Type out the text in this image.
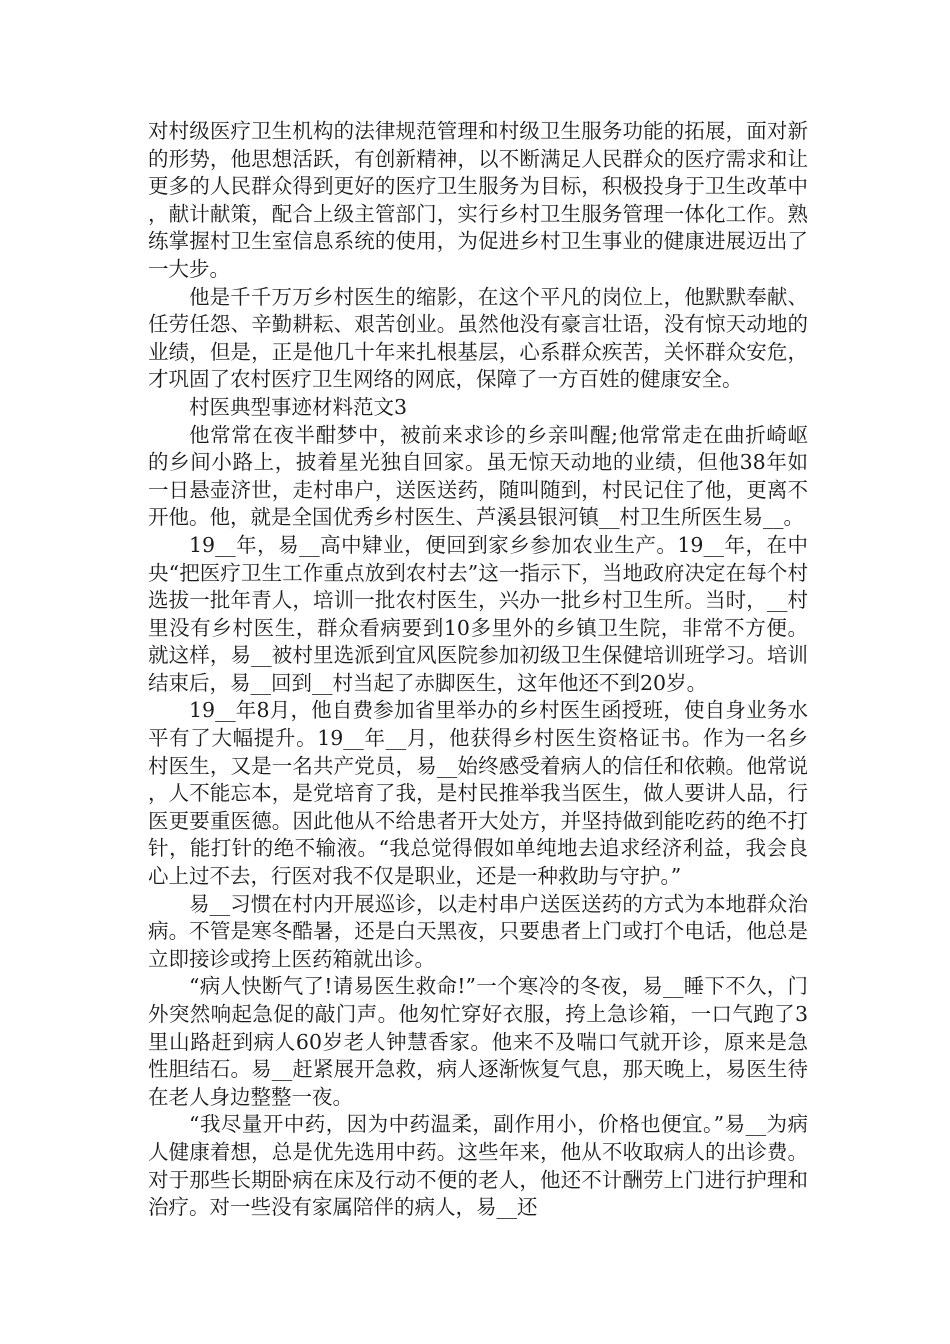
对村级医疗卫生机构的法律规范管理和村级卫生服务功能的拓展，面对新的形势，他思想活跃，有创新精神，以不断满足人民群众的医疗需求和让更多的人民群众得到更好的医疗卫生服务为目标，积极投身于卫生改革中，献计献策，配合上级主管部门，实行乡村卫生服务管理一体化工作。熟练掌握村卫生室信息系统的使用，为促进乡村卫生事业的健康进展迈出了一大步。

他是千千万万乡村医生的缩影，在这个平凡的岗位上，他默默奉献、任劳任怨、辛勤耕耘、艰苦创业。虽然他没有豪言壮语，没有惊天动地的业绩，但是，正是他几十年来扎根基层，心系群众疾苦，关怀群众安危，才巩固了农村医疗卫生网络的网底，保障了一方百姓的健康安全。

村医典型事迹材料范文3

他常常在夜半酣梦中，被前来求诊的乡亲叫醒;他常常走在曲折崎岖的乡间小路上，披着星光独自回家。虽无惊天动地的业绩，但他38年如一日悬壶济世，走村串户，送医送药，随叫随到，村民记住了他，更离不开他。他，就是全国优秀乡村医生、芦溪县银河镇__村卫生所医生易__。

19__年，易__高中肄业，便回到家乡参加农业生产。19__年，在中央“把医疗卫生工作重点放到农村去”这一指示下，当地政府决定在每个村选拔一批年青人，培训一批农村医生，兴办一批乡村卫生所。当时，__村里没有乡村医生，群众看病要到10多里外的乡镇卫生院，非常不方便。就这样，易__被村里选派到宜风医院参加初级卫生保健培训班学习。培训结束后，易__回到__村当起了赤脚医生，这年他还不到20岁。

19__年8月，他自费参加省里举办的乡村医生函授班，使自身业务水平有了大幅提升。19__年__月，他获得乡村医生资格证书。作为一名乡村医生，又是一名共产党员，易__始终感受着病人的信任和依赖。他常说，人不能忘本，是党培育了我，是村民推举我当医生，做人要讲人品，行医更要重医德。因此他从不给患者开大处方，并坚持做到能吃药的绝不打针，能打针的绝不输液。“我总觉得假如单纯地去追求经济利益，我会良心上过不去，行医对我不仅是职业，还是一种救助与守护。”

易__习惯在村内开展巡诊，以走村串户送医送药的方式为本地群众治病。不管是寒冬酷暑，还是白天黑夜，只要患者上门或打个电话，他总是立即接诊或挎上医药箱就出诊。

“病人快断气了!请易医生救命!”一个寒冷的冬夜，易__睡下不久，门外突然响起急促的敲门声。他匆忙穿好衣服，挎上急诊箱，一口气跑了3里山路赶到病人60岁老人钟慧香家。他来不及喘口气就开诊，原来是急性胆结石。易__赶紧展开急救，病人逐渐恢复气息，那天晚上，易医生待在老人身边整整一夜。

“我尽量开中药，因为中药温柔，副作用小，价格也便宜。”易__为病人健康着想，总是优先选用中药。这些年来，他从不收取病人的出诊费。对于那些长期卧病在床及行动不便的老人，他还不计酬劳上门进行护理和治疗。对一些没有家属陪伴的病人，易__还
